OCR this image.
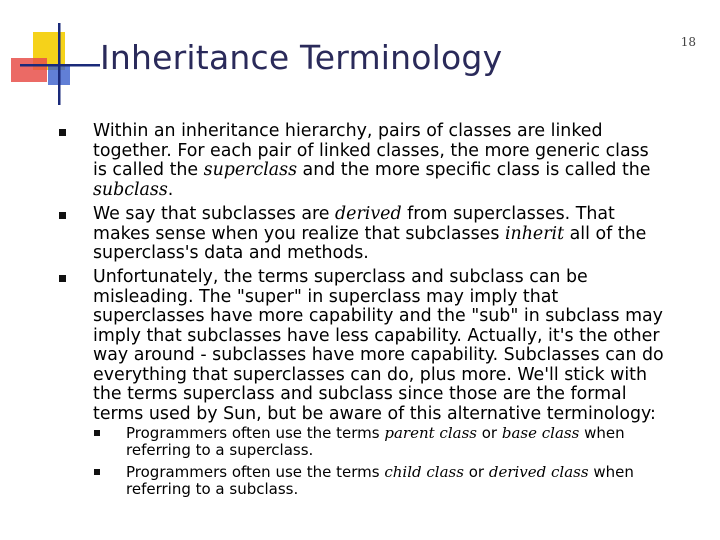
Inheritance Terminology	18
Within an inheritance hierarchy, pairs of classes are linked
together. For each pair of linked classes, the more generic class
is called the superclass and the more specific class is called the
subclass.
We say that subclasses are derived from superclasses. That
makes sense when you realize that subclasses inherit all of the
superclass's data and methods.
Unfortunately, the terms superclass and subclass can be
misleading. The "super" in superclass may imply that
superclasses have more capability and the "sub" in subclass may
imply that subclasses have less capability. Actually, it's the other
way around - subclasses have more capability. Subclasses can do
everything that superclasses can do, plus more. We'll stick with
the terms superclass and subclass since those are the formal
terms used by Sun, but be aware of this alternative terminology:
Programmers often use the terms parent class or base class when
referring to a superclass.
Programmers often use the terms child class or derived class when
referring to a subclass.
